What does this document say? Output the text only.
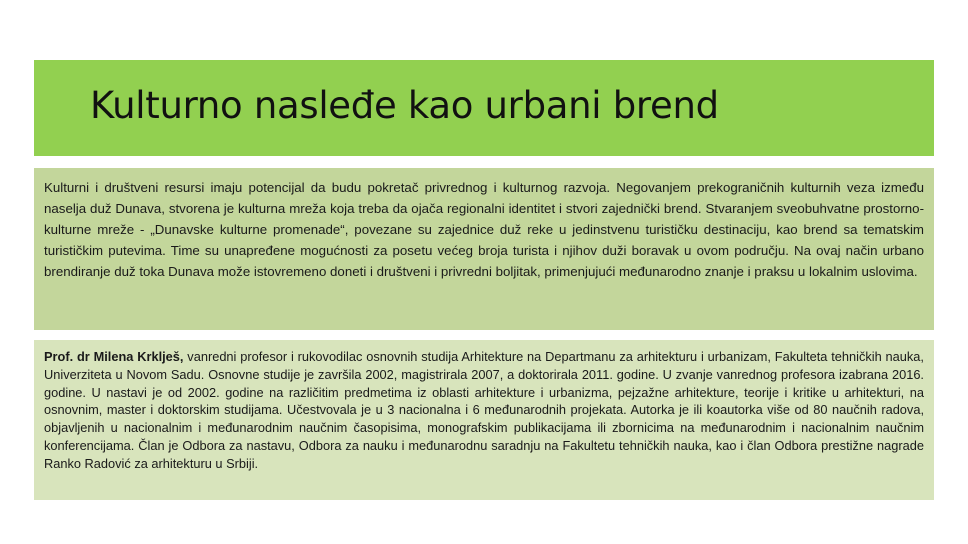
Kulturno nasleđe kao urbani brend

Kulturni i društveni resursi imaju potencijal da budu pokretač privrednog i kulturnog razvoja. Negovanjem prekograničnih kulturnih veza između naselja duž Dunava, stvorena je kulturna mreža koja treba da ojača regionalni identitet i stvori zajednički brend. Stvaranjem sveobuhvatne prostorno-kulturne mreže - „Dunavske kulturne promenade“, povezane su zajednice duž reke u jedinstvenu turističku destinaciju, kao brend sa tematskim turističkim putevima. Time su unapređene mogućnosti za posetu većeg broja turista i njihov duži boravak u ovom području. Na ovaj način urbano brendiranje duž toka Dunava može istovremeno doneti i društveni i privredni boljitak, primenjujući međunarodno znanje i praksu u lokalnim uslovima.

Prof. dr Milena Krklješ, vanredni profesor i rukovodilac osnovnih studija Arhitekture na Departmanu za arhitekturu i urbanizam, Fakulteta tehničkih nauka, Univerziteta u Novom Sadu. Osnovne studije je završila 2002, magistrirala 2007, a doktorirala 2011. godine. U zvanje vanrednog profesora izabrana 2016. godine. U nastavi je od 2002. godine na različitim predmetima iz oblasti arhitekture i urbanizma, pejzažne arhitekture, teorije i kritike u arhitekturi, na osnovnim, master i doktorskim studijama. Učestvovala je u 3 nacionalna i 6 međunarodnih projekata. Autorka je ili koautorka više od 80 naučnih radova, objavljenih u nacionalnim i međunarodnim naučnim časopisima, monografskim publikacijama ili zbornicima na međunarodnim i nacionalnim naučnim konferencijama. Član je Odbora za nastavu, Odbora za nauku i međunarodnu saradnju na Fakultetu tehničkih nauka, kao i član Odbora prestižne nagrade Ranko Radović za arhitekturu u Srbiji.
